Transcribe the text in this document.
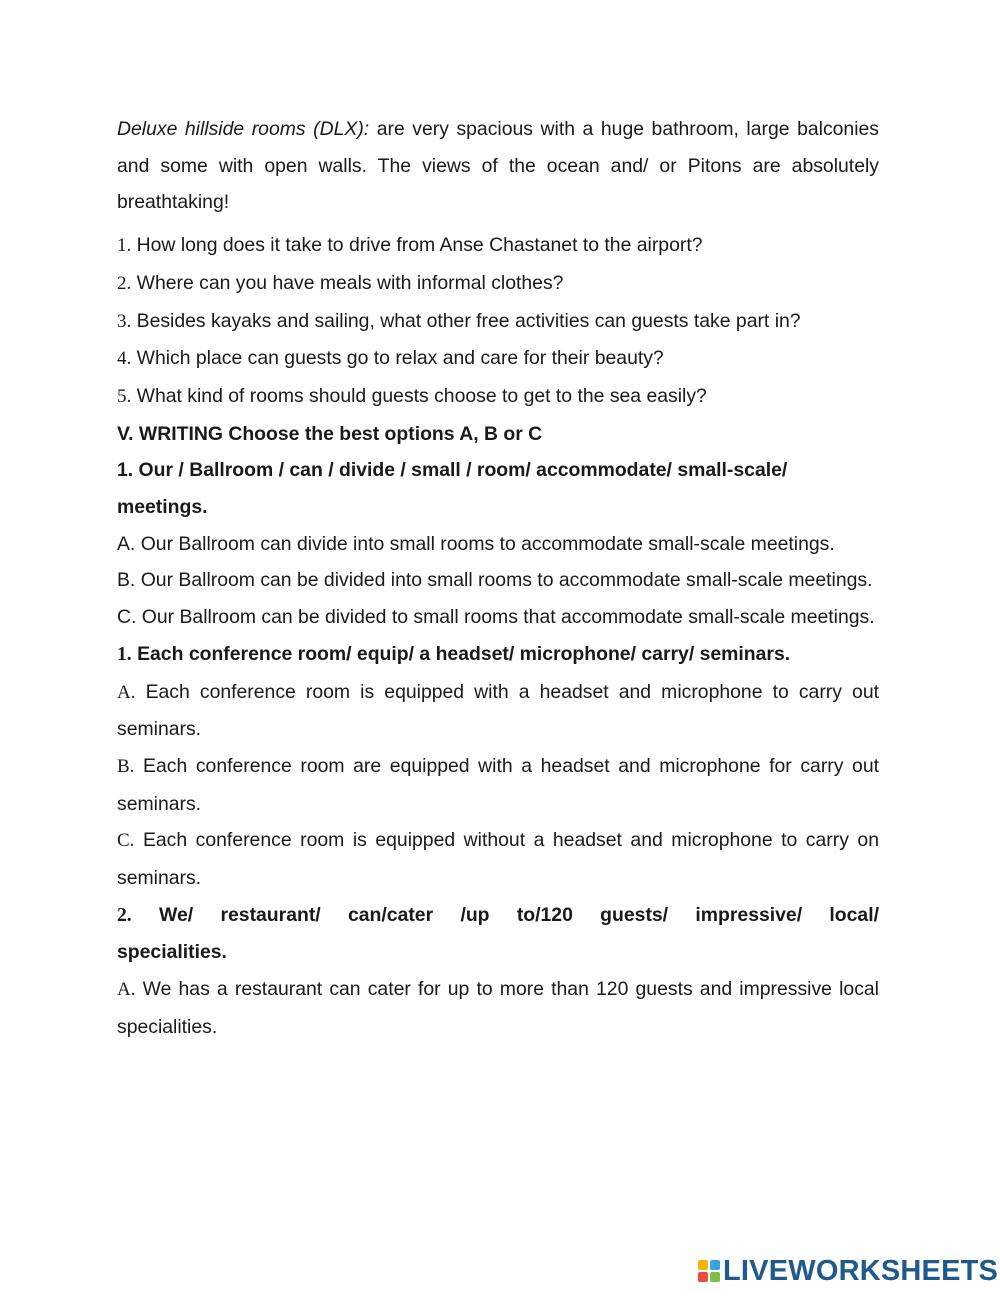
Deluxe hillside rooms (DLX): are very spacious with a huge bathroom, large balconies and some with open walls. The views of the ocean and/ or Pitons are absolutely breathtaking!

1. How long does it take to drive from Anse Chastanet to the airport?

2. Where can you have meals with informal clothes?

3. Besides kayaks and sailing, what other free activities can guests take part in?

4. Which place can guests go to relax and care for their beauty?

5. What kind of rooms should guests choose to get to the sea easily?

V. WRITING Choose the best options A, B or C

1. Our / Ballroom / can / divide / small / room/ accommodate/ small-scale/

meetings.

A. Our Ballroom can divide into small rooms to accommodate small-scale meetings.

B. Our Ballroom can be divided into small rooms to accommodate small-scale meetings.

C. Our Ballroom can be divided to small rooms that accommodate small-scale meetings.

1. Each conference room/ equip/ a headset/ microphone/ carry/ seminars.

A. Each conference room is equipped with a headset and microphone to carry out seminars.

B. Each conference room are equipped with a headset and microphone for carry out seminars.

C. Each conference room is equipped without a headset and microphone to carry on seminars.

2. We/ restaurant/ can/cater /up to/120 guests/ impressive/ local/

specialities.

A. We has a restaurant can cater for up to more than 120 guests and impressive local specialities.

LIVEWORKSHEETS
